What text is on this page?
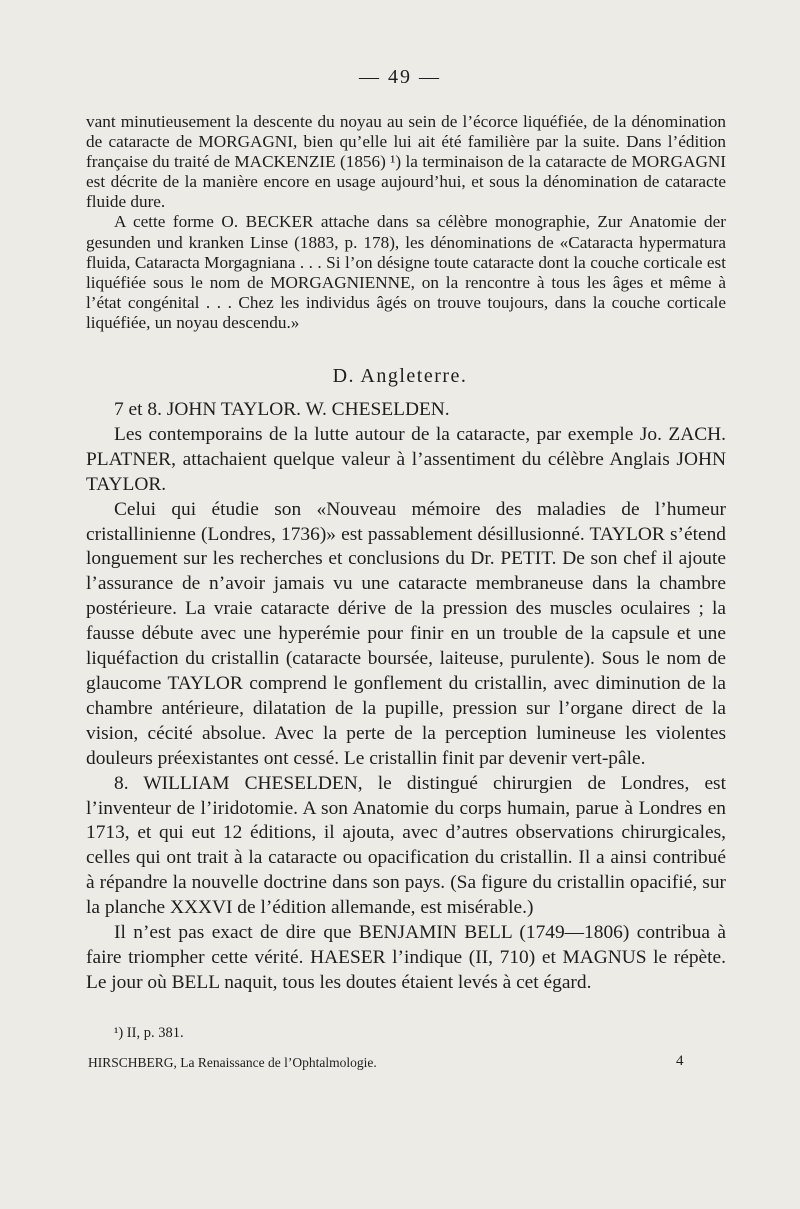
— 49 —

vant minutieusement la descente du noyau au sein de l’écorce liquéfiée, de la dénomination de cataracte de MORGAGNI, bien qu’elle lui ait été familière par la suite. Dans l’édition française du traité de MACKENZIE (1856) ¹) la terminaison de la cataracte de MORGAGNI est décrite de la manière encore en usage aujourd’hui, et sous la dénomination de cataracte fluide dure.

A cette forme O. BECKER attache dans sa célèbre monographie, Zur Anatomie der gesunden und kranken Linse (1883, p. 178), les dénominations de «Cataracta hypermatura fluida, Cataracta Morgagniana . . . Si l’on désigne toute cataracte dont la couche corticale est liquéfiée sous le nom de MORGAGNIENNE, on la rencontre à tous les âges et même à l’état congénital . . . Chez les individus âgés on trouve toujours, dans la couche corticale liquéfiée, un noyau descendu.»

D. Angleterre.

7 et 8. JOHN TAYLOR. W. CHESELDEN.

Les contemporains de la lutte autour de la cataracte, par exemple Jo. ZACH. PLATNER, attachaient quelque valeur à l’assentiment du célèbre Anglais JOHN TAYLOR.

Celui qui étudie son «Nouveau mémoire des maladies de l’humeur cristallinienne (Londres, 1736)» est passablement désillusionné. TAYLOR s’étend longuement sur les recherches et conclusions du Dr. PETIT. De son chef il ajoute l’assurance de n’avoir jamais vu une cataracte membraneuse dans la chambre postérieure. La vraie cataracte dérive de la pression des muscles oculaires ; la fausse débute avec une hyperémie pour finir en un trouble de la capsule et une liquéfaction du cristallin (cataracte boursée, laiteuse, purulente). Sous le nom de glaucome TAYLOR comprend le gonflement du cristallin, avec diminution de la chambre antérieure, dilatation de la pupille, pression sur l’organe direct de la vision, cécité absolue. Avec la perte de la perception lumineuse les violentes douleurs préexistantes ont cessé. Le cristallin finit par devenir vert-pâle.

8. WILLIAM CHESELDEN, le distingué chirurgien de Londres, est l’inventeur de l’iridotomie. A son Anatomie du corps humain, parue à Londres en 1713, et qui eut 12 éditions, il ajouta, avec d’autres observations chirurgicales, celles qui ont trait à la cataracte ou opacification du cristallin. Il a ainsi contribué à répandre la nouvelle doctrine dans son pays. (Sa figure du cristallin opacifié, sur la planche XXXVI de l’édition allemande, est misérable.)

Il n’est pas exact de dire que BENJAMIN BELL (1749—1806) contribua à faire triompher cette vérité. HAESER l’indique (II, 710) et MAGNUS le répète. Le jour où BELL naquit, tous les doutes étaient levés à cet égard.

¹) II, p. 381.
HIRSCHBERG, La Renaissance de l’Ophtalmologie.	4
